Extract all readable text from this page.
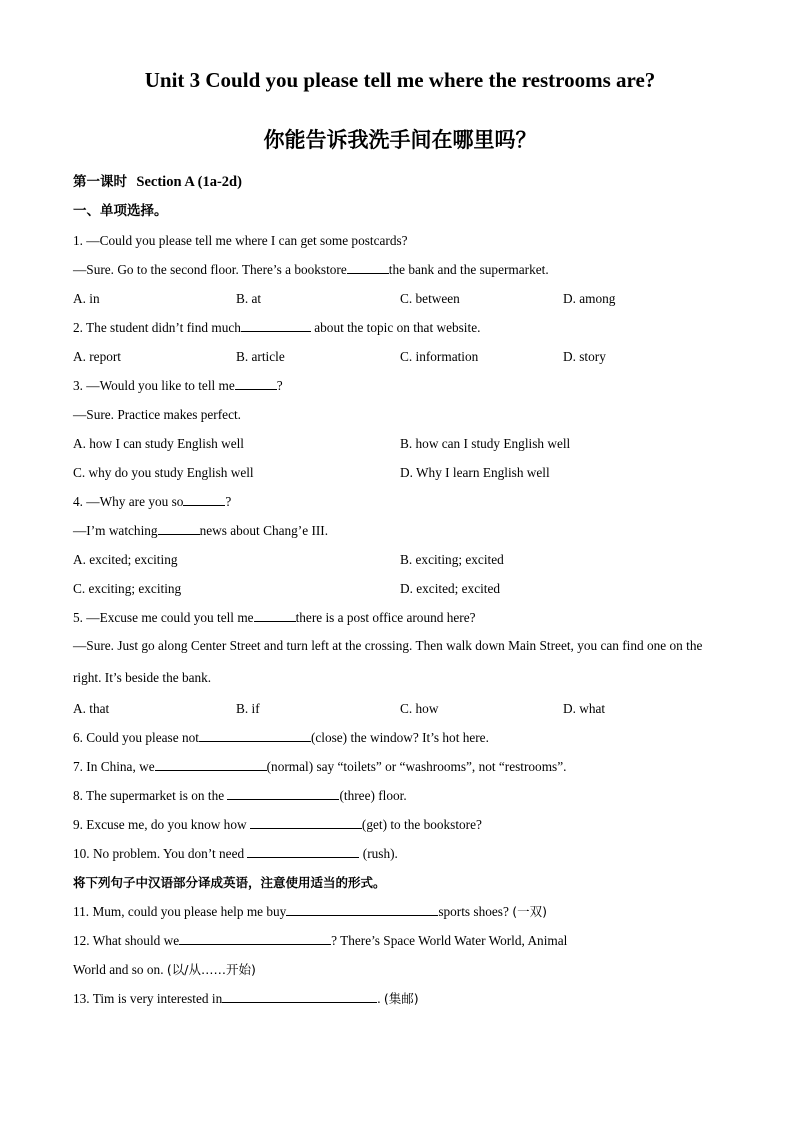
Unit 3 Could you please tell me where the restrooms are?
你能告诉我洗手间在哪里吗？
第一课时 Section A (1a-2d)
一、单项选择。
1. —Could you please tell me where I can get some postcards?
—Sure. Go to the second floor. There’s a bookstore	the bank and the supermarket.
A. in	B. at	C. between	D. among
2. The student didn’t find much	about the topic on that website.
A. report	B. article	C. information	D. story
3. —Would you like to tell me	?
—Sure. Practice makes perfect.
A. how I can study English well	B. how can I study English well
C. why do you study English well	D. Why I learn English well
4. —Why are you so	?
—I’m watching	news about Chang’e III.
A. excited; exciting	B. exciting; excited
C. exciting; exciting	D. excited; excited
5. —Excuse me could you tell me	there is a post office around here?
—Sure. Just go along Center Street and turn left at the crossing. Then walk down Main Street, you can find one on the right. It’s beside the bank.
A. that	B. if	C. how	D. what
6. Could you please not	(close) the window? It’s hot here.
7. In China, we	(normal) say “toilets” or “washrooms”, not “restrooms”.
8. The supermarket is on the	(three) floor.
9. Excuse me, do you know how	(get) to the bookstore?
10. No problem. You don’t need	(rush).
将下列句子中汉语部分译成英语，注意使用适当的形式。
11. Mum, could you please help me buy	sports shoes? (一双)
12. What should we	? There’s Space World Water World, Animal
World and so on. (以/从……开始)
13. Tim is very interested in	. (集邮)
